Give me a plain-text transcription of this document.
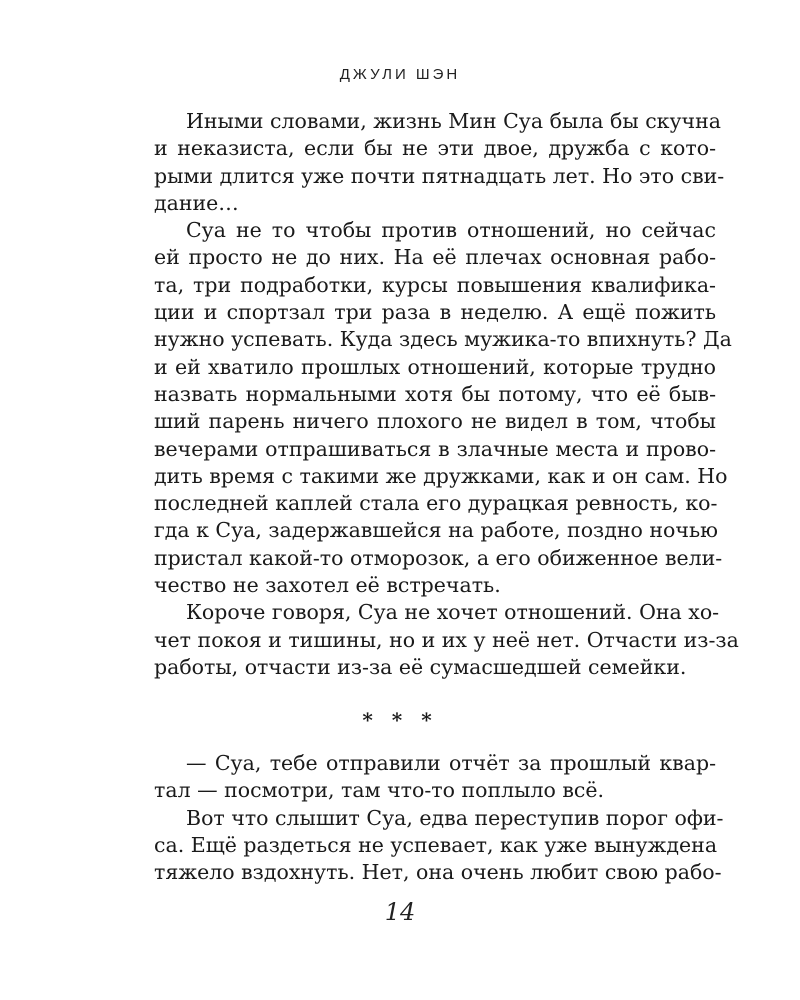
ДЖУЛИ ШЭН
Иными словами, жизнь Мин Суа была бы скучна
и неказиста, если бы не эти двое, дружба с кото-
рыми длится уже почти пятнадцать лет. Но это сви-
дание…
Суа не то чтобы против отношений, но сейчас
ей просто не до них. На её плечах основная рабо-
та, три подработки, курсы повышения квалифика-
ции и спортзал три раза в неделю. А ещё пожить
нужно успевать. Куда здесь мужика-то впихнуть? Да
и ей хватило прошлых отношений, которые трудно
назвать нормальными хотя бы потому, что её быв-
ший парень ничего плохого не видел в том, чтобы
вечерами отпрашиваться в злачные места и прово-
дить время с такими же дружками, как и он сам. Но
последней каплей стала его дурацкая ревность, ко-
гда к Суа, задержавшейся на работе, поздно ночью
пристал какой-то отморозок, а его обиженное вели-
чество не захотел её встречать.
Короче говоря, Суа не хочет отношений. Она хо-
чет покоя и тишины, но и их у неё нет. Отчасти из-за
работы, отчасти из-за её сумасшедшей семейки.
* * *
— Суа, тебе отправили отчёт за прошлый квар-
тал — посмотри, там что-то поплыло всё.
Вот что слышит Суа, едва переступив порог офи-
са. Ещё раздеться не успевает, как уже вынуждена
тяжело вздохнуть. Нет, она очень любит свою рабо-
14
